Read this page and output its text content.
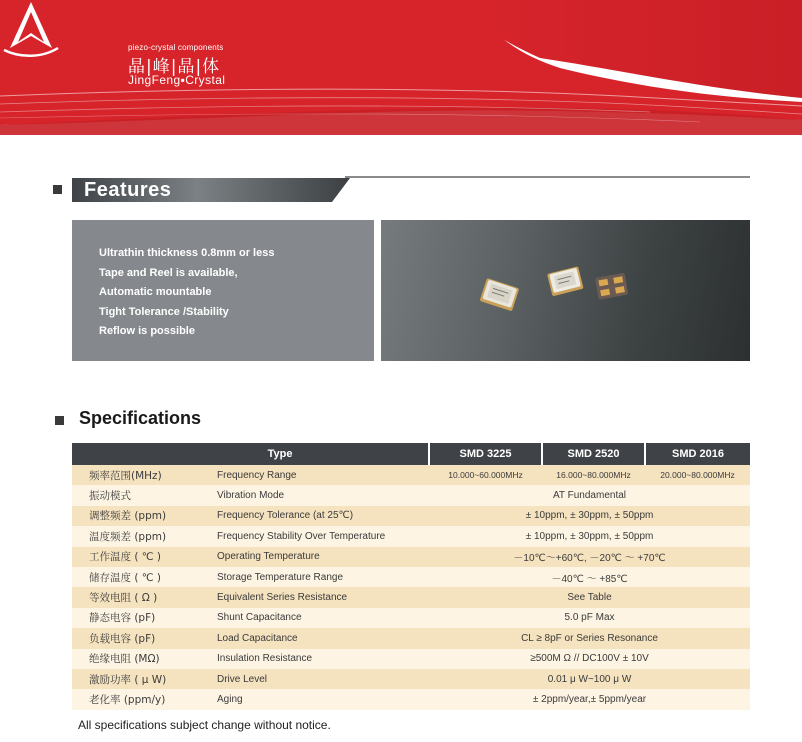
piezo-crystal components
晶|峰|晶|体
JingFeng▪Crystal
Features
Ultrathin thickness 0.8mm or less
Tape and Reel is available,
Automatic mountable
Tight Tolerance /Stability
Reflow is possible
Specifications
Type		SMD 3225	SMD 2520	SMD 2016
频率范围(MHz)	Frequency Range	10.000~60.000MHz	16.000~80.000MHz	20.000~80.000MHz
振动模式	Vibration Mode	AT Fundamental		
调整频差 (ppm)	Frequency Tolerance (at 25℃)	± 10ppm, ± 30ppm, ± 50ppm		
温度频差 (ppm)	Frequency Stability Over Temperature	± 10ppm, ± 30ppm, ± 50ppm		
工作温度 ( ℃ )	Operating Temperature	－10℃～+60℃, －20℃ ～ +70℃		
储存温度 ( ℃ )	Storage Temperature Range	－40℃ ～ +85℃		
等效电阻 ( Ω )	Equivalent Series Resistance	See Table		
静态电容 (pF)	Shunt Capacitance	5.0 pF Max		
负载电容 (pF)	Load Capacitance	CL ≥ 8pF or Series Resonance		
绝缘电阻 (MΩ)	Insulation Resistance	≥500M Ω // DC100V ± 10V		
激励功率 ( μ W)	Drive Level	0.01 μ W~100 μ W		
老化率 (ppm/y)	Aging	± 2ppm/year,± 5ppm/year		
All specifications subject change without notice.
